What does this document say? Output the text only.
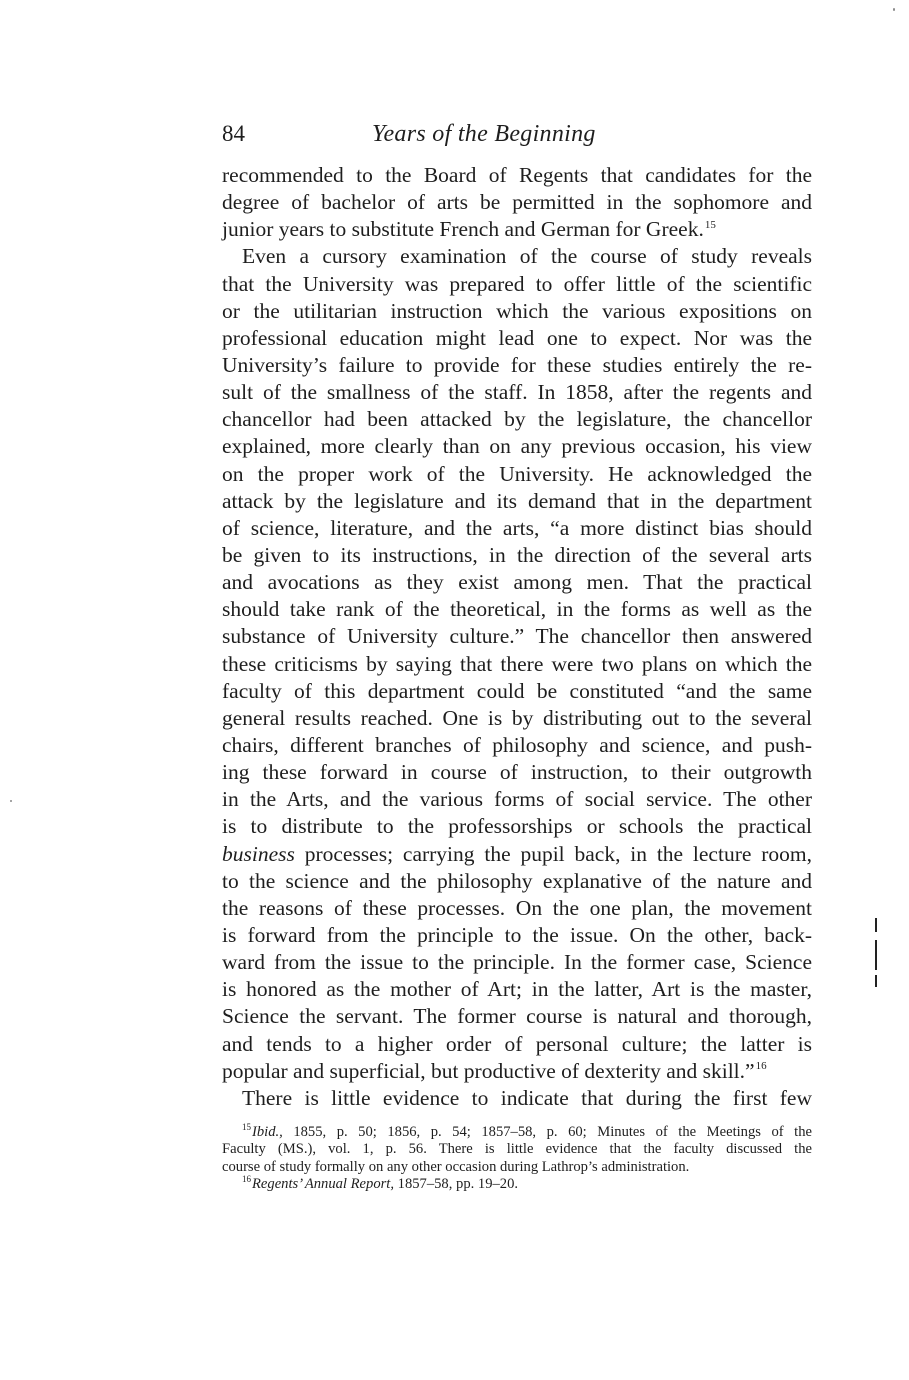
84	Years of the Beginning
recommended to the Board of Regents that candidates for the
degree of bachelor of arts be permitted in the sophomore and
junior years to substitute French and German for Greek.$^{15}$
Even a cursory examination of the course of study reveals
that the University was prepared to offer little of the scientific
or the utilitarian instruction which the various expositions on
professional education might lead one to expect. Nor was the
University’s failure to provide for these studies entirely the re-
sult of the smallness of the staff. In 1858, after the regents and
chancellor had been attacked by the legislature, the chancellor
explained, more clearly than on any previous occasion, his view
on the proper work of the University. He acknowledged the
attack by the legislature and its demand that in the department
of science, literature, and the arts, “a more distinct bias should
be given to its instructions, in the direction of the several arts
and avocations as they exist among men. That the practical
should take rank of the theoretical, in the forms as well as the
substance of University culture.” The chancellor then answered
these criticisms by saying that there were two plans on which the
faculty of this department could be constituted “and the same
general results reached. One is by distributing out to the several
chairs, different branches of philosophy and science, and push-
ing these forward in course of instruction, to their outgrowth
in the Arts, and the various forms of social service. The other
is to distribute to the professorships or schools the practical
business processes; carrying the pupil back, in the lecture room,
to the science and the philosophy explanative of the nature and
the reasons of these processes. On the one plan, the movement
is forward from the principle to the issue. On the other, back-
ward from the issue to the principle. In the former case, Science
is honored as the mother of Art; in the latter, Art is the master,
Science the servant. The former course is natural and thorough,
and tends to a higher order of personal culture; the latter is
popular and superficial, but productive of dexterity and skill.”$^{16}$
There is little evidence to indicate that during the first few
$^{15}$Ibid., 1855, p. 50; 1856, p. 54; 1857–58, p. 60; Minutes of the Meetings of the
Faculty (MS.), vol. 1, p. 56. There is little evidence that the faculty discussed the
course of study formally on any other occasion during Lathrop’s administration.
$^{16}$Regents’ Annual Report, 1857–58, pp. 19–20.
